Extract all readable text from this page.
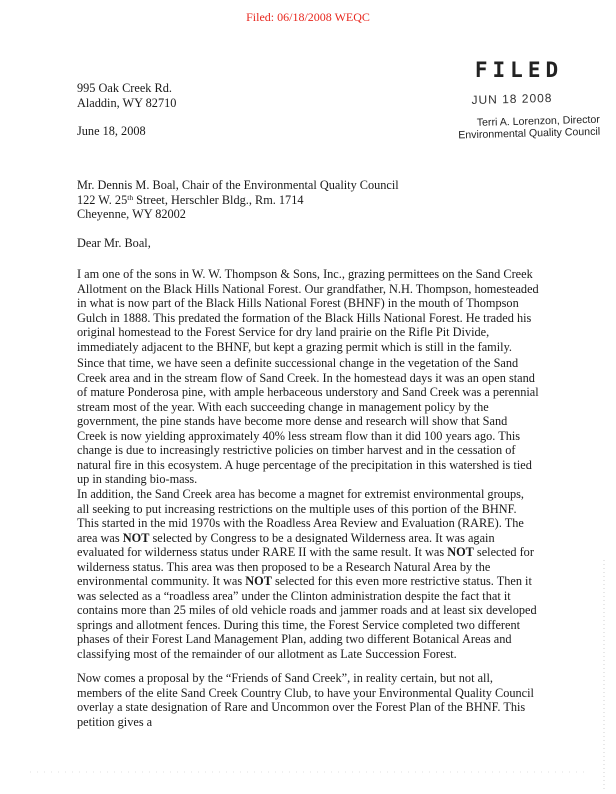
Filed: 06/18/2008 WEQC
FILED
JUN 18 2008
Terri A. Lorenzon, Director
Environmental Quality Council
995 Oak Creek Rd.
Aladdin, WY 82710
June 18, 2008
Mr. Dennis M. Boal, Chair of the Environmental Quality Council
122 W. 25th Street, Herschler Bldg., Rm. 1714
Cheyenne, WY 82002
Dear Mr. Boal,

I am one of the sons in W. W. Thompson & Sons, Inc., grazing permittees on the Sand Creek Allotment on the Black Hills National Forest. Our grandfather, N.H. Thompson, homesteaded in what is now part of the Black Hills National Forest (BHNF) in the mouth of Thompson Gulch in 1888. This predated the formation of the Black Hills National Forest. He traded his original homestead to the Forest Service for dry land prairie on the Rifle Pit Divide, immediately adjacent to the BHNF, but kept a grazing permit which is still in the family.

Since that time, we have seen a definite successional change in the vegetation of the Sand Creek area and in the stream flow of Sand Creek. In the homestead days it was an open stand of mature Ponderosa pine, with ample herbaceous understory and Sand Creek was a perennial stream most of the year. With each succeeding change in management policy by the government, the pine stands have become more dense and research will show that Sand Creek is now yielding approximately 40% less stream flow than it did 100 years ago. This change is due to increasingly restrictive policies on timber harvest and in the cessation of natural fire in this ecosystem. A huge percentage of the precipitation in this watershed is tied up in standing bio-mass.

In addition, the Sand Creek area has become a magnet for extremist environmental groups, all seeking to put increasing restrictions on the multiple uses of this portion of the BHNF. This started in the mid 1970s with the Roadless Area Review and Evaluation (RARE). The area was NOT selected by Congress to be a designated Wilderness area. It was again evaluated for wilderness status under RARE II with the same result. It was NOT selected for wilderness status. This area was then proposed to be a Research Natural Area by the environmental community. It was NOT selected for this even more restrictive status. Then it was selected as a “roadless area” under the Clinton administration despite the fact that it contains more than 25 miles of old vehicle roads and jammer roads and at least six developed springs and allotment fences. During this time, the Forest Service completed two different phases of their Forest Land Management Plan, adding two different Botanical Areas and classifying most of the remainder of our allotment as Late Succession Forest.

Now comes a proposal by the “Friends of Sand Creek”, in reality certain, but not all, members of the elite Sand Creek Country Club, to have your Environmental Quality Council overlay a state designation of Rare and Uncommon over the Forest Plan of the BHNF. This petition gives a
